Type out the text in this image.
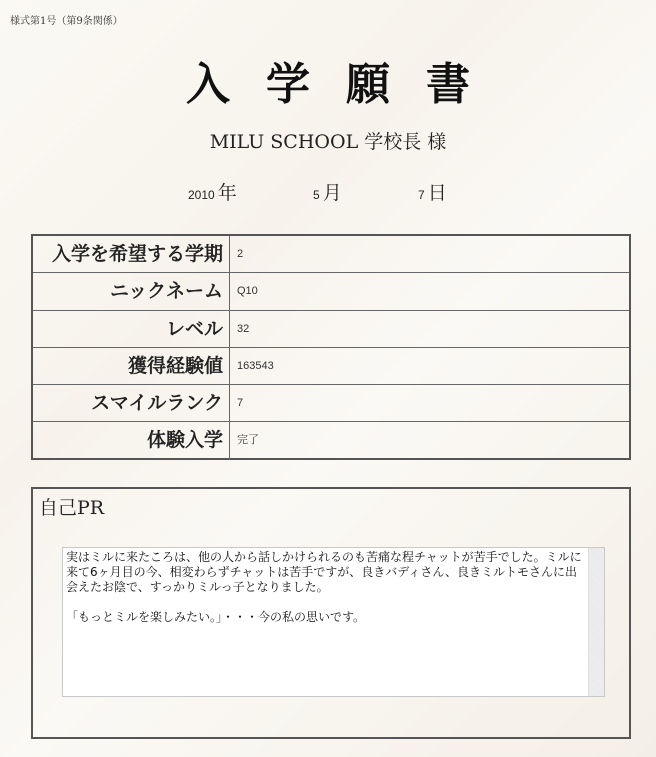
様式第1号（第9条関係）
入学願書
MILU SCHOOL 学校長 様
2010 年	5 月	7 日
入学を希望する学期	2
ニックネーム	Q10
レベル	32
獲得経験値	163543
スマイルランク	7
体験入学	完了
自己PR

実はミルに来たころは、他の人から話しかけられるのも苦痛な程チャットが苦手でした。ミルに来て6ヶ月目の今、相変わらずチャットは苦手ですが、良きバディさん、良きミルトモさんに出会えたお陰で、すっかりミルっ子となりました。

「もっとミルを楽しみたい。」・・・今の私の思いです。
